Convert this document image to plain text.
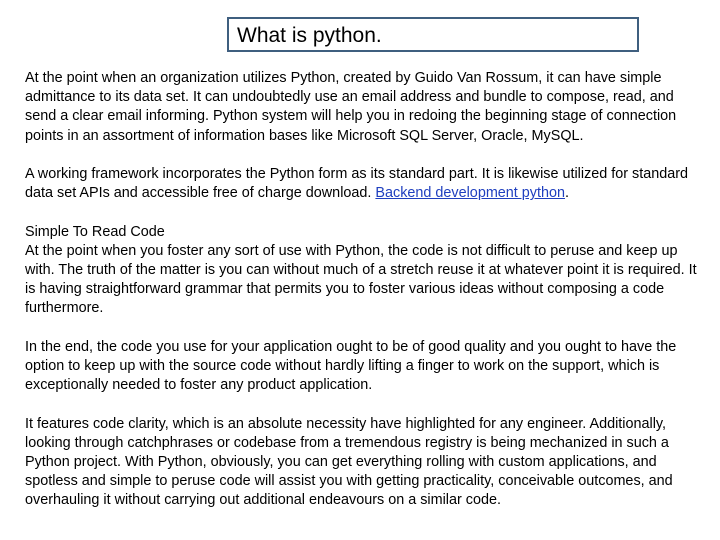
What is python.

At the point when an organization utilizes Python, created by Guido Van Rossum, it can have simple admittance to its data set. It can undoubtedly use an email address and bundle to compose, read, and send a clear email informing. Python system will help you in redoing the beginning stage of connection points in an assortment of information bases like Microsoft SQL Server, Oracle, MySQL.

A working framework incorporates the Python form as its standard part. It is likewise utilized for standard data set APIs and accessible free of charge download. Backend development python.

Simple To Read Code

At the point when you foster any sort of use with Python, the code is not difficult to peruse and keep up with. The truth of the matter is you can without much of a stretch reuse it at whatever point it is required. It is having straightforward grammar that permits you to foster various ideas without composing a code furthermore.

In the end, the code you use for your application ought to be of good quality and you ought to have the option to keep up with the source code without hardly lifting a finger to work on the support, which is exceptionally needed to foster any product application.

It features code clarity, which is an absolute necessity have highlighted for any engineer. Additionally, looking through catchphrases or codebase from a tremendous registry is being mechanized in such a Python project. With Python, obviously, you can get everything rolling with custom applications, and spotless and simple to peruse code will assist you with getting practicality, conceivable outcomes, and overhauling it without carrying out additional endeavours on a similar code.
